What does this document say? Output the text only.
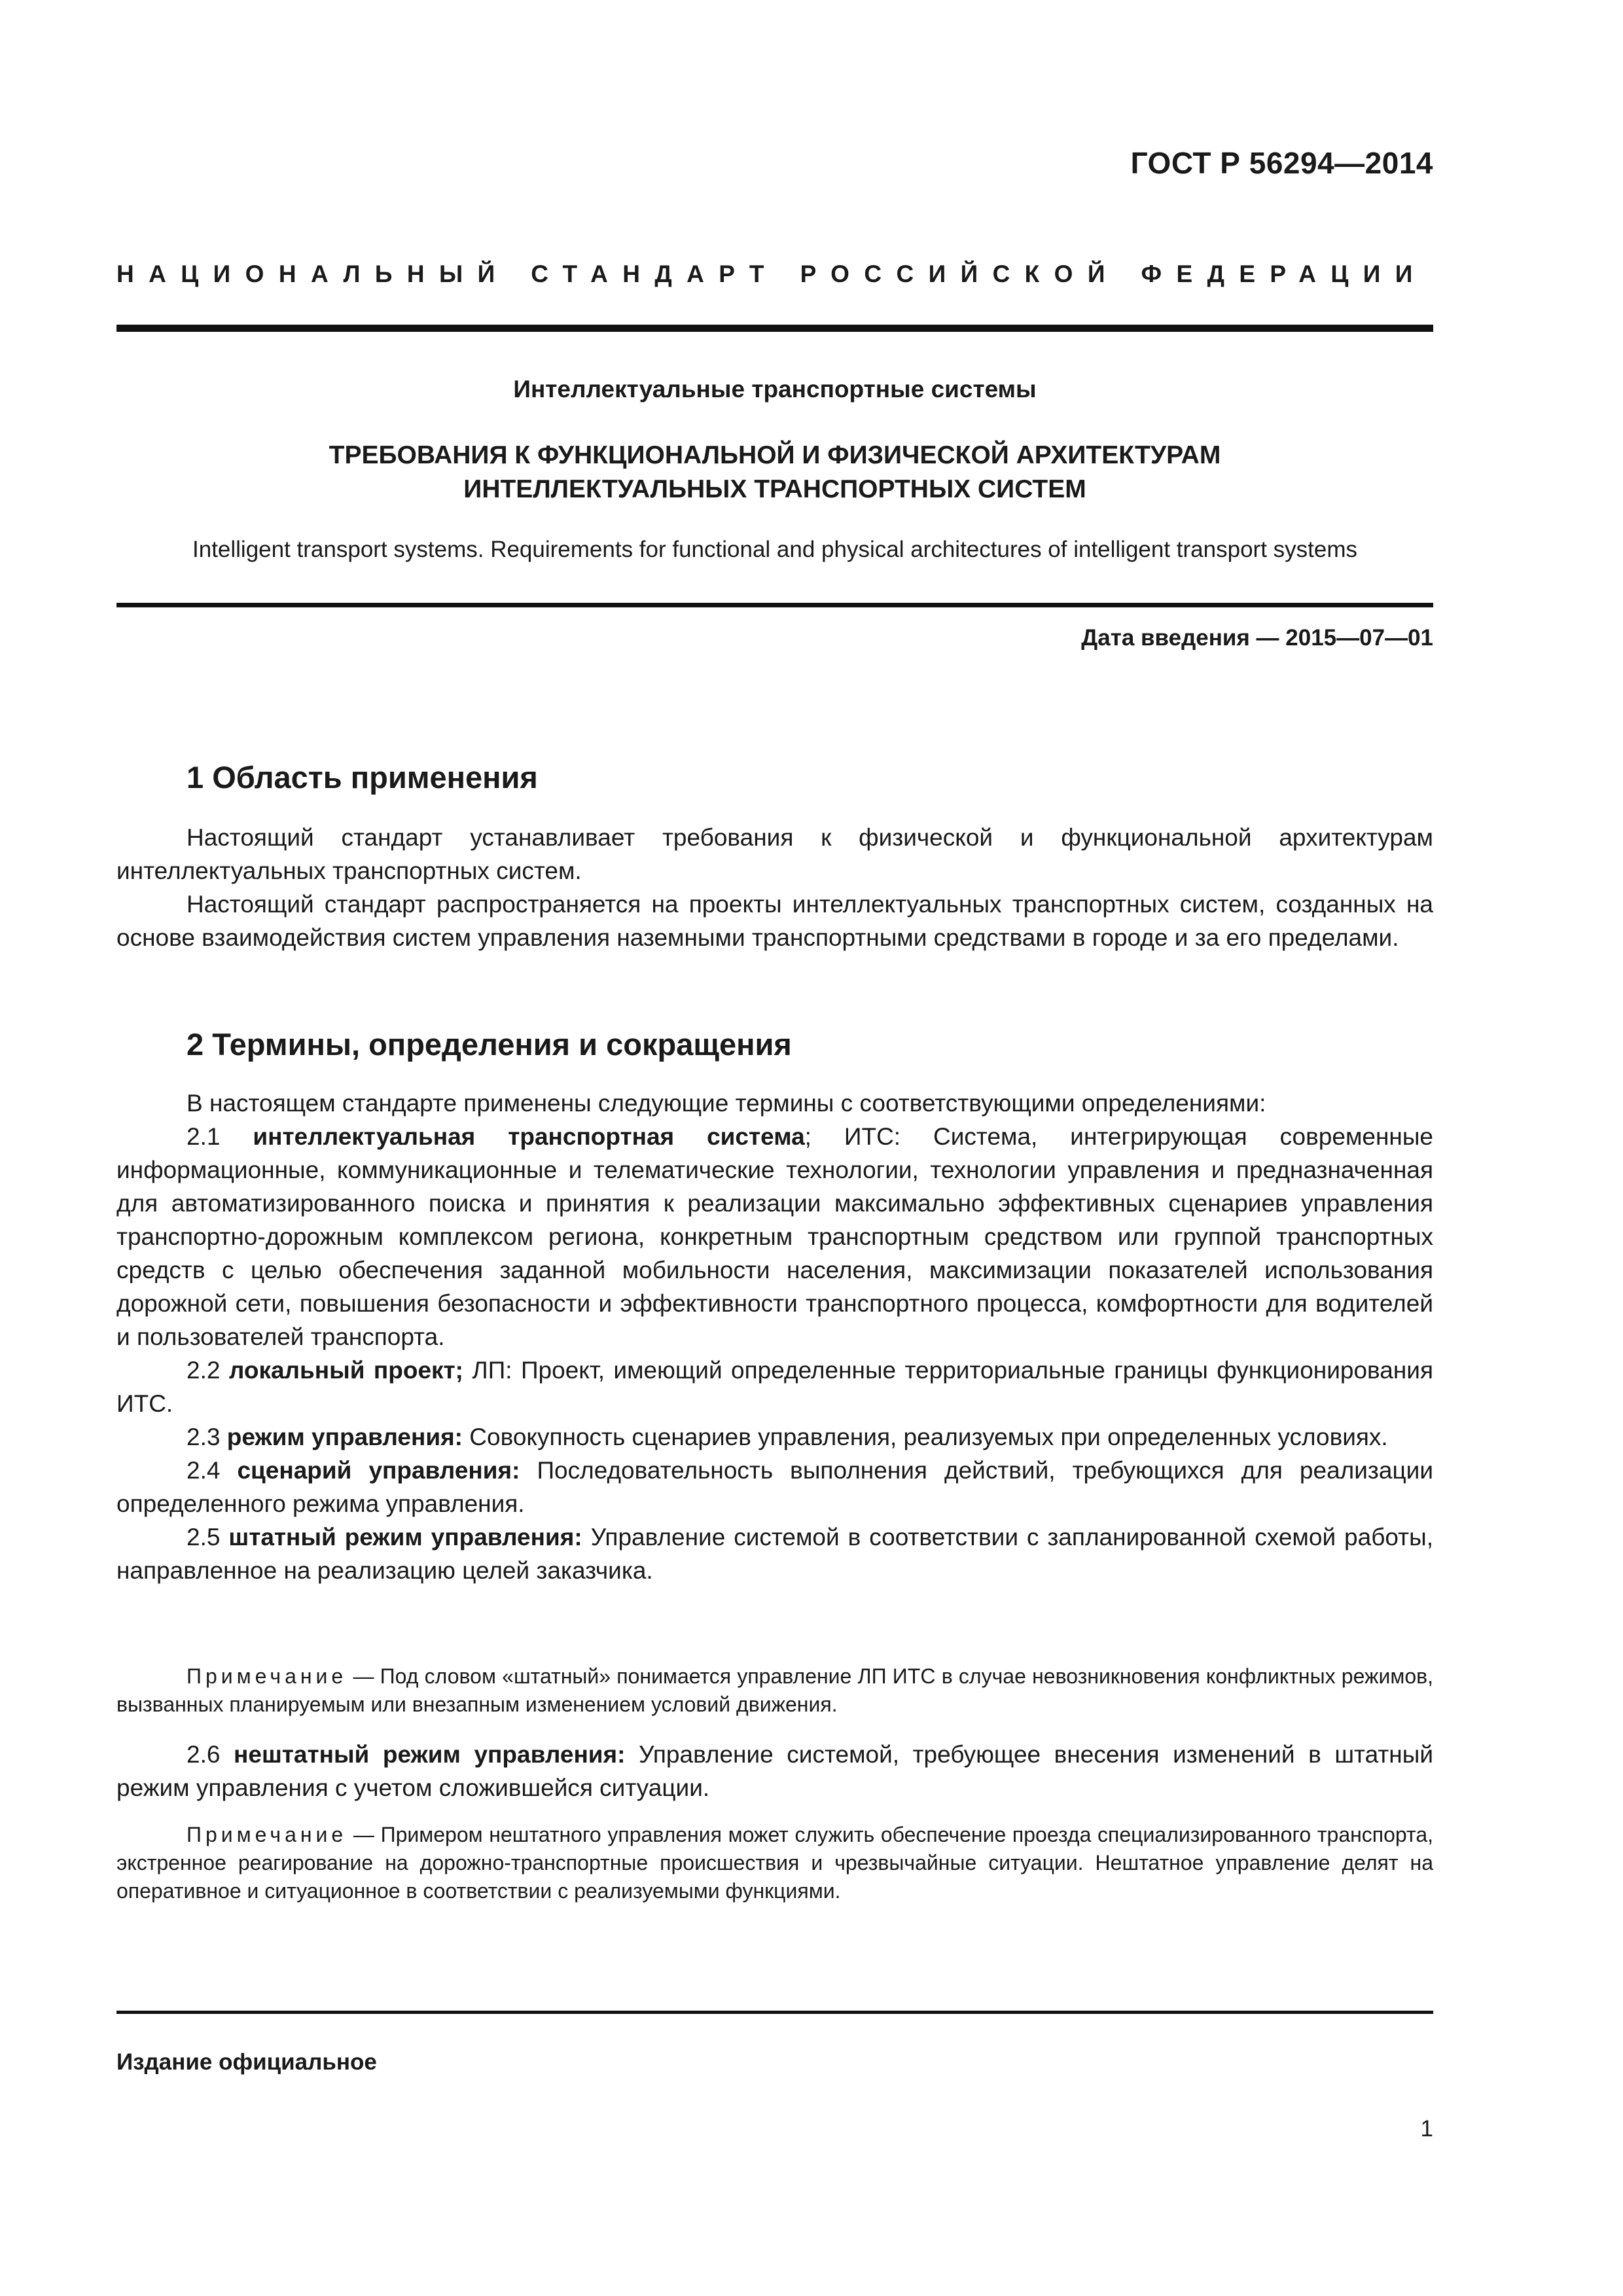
ГОСТ Р 56294—2014
НАЦИОНАЛЬНЫЙ СТАНДАРТ РОССИЙСКОЙ ФЕДЕРАЦИИ
Интеллектуальные транспортные системы
ТРЕБОВАНИЯ К ФУНКЦИОНАЛЬНОЙ И ФИЗИЧЕСКОЙ АРХИТЕКТУРАМ
ИНТЕЛЛЕКТУАЛЬНЫХ ТРАНСПОРТНЫХ СИСТЕМ
Intelligent transport systems. Requirements for functional and physical architectures of intelligent transport systems
Дата введения — 2015—07—01
1 Область применения

Настоящий стандарт устанавливает требования к физической и функциональной архитектурам интеллектуальных транспортных систем.

Настоящий стандарт распространяется на проекты интеллектуальных транспортных систем, созданных на основе взаимодействия систем управления наземными транспортными средствами в городе и за его пределами.

2 Термины, определения и сокращения

В настоящем стандарте применены следующие термины с соответствующими определениями:

2.1 интеллектуальная транспортная система; ИТС: Система, интегрирующая современные информационные, коммуникационные и телематические технологии, технологии управления и предназначенная для автоматизированного поиска и принятия к реализации максимально эффективных сценариев управления транспортно-дорожным комплексом региона, конкретным транспортным средством или группой транспортных средств с целью обеспечения заданной мобильности населения, максимизации показателей использования дорожной сети, повышения безопасности и эффективности транспортного процесса, комфортности для водителей и пользователей транспорта.

2.2 локальный проект; ЛП: Проект, имеющий определенные территориальные границы функционирования ИТС.

2.3 режим управления: Совокупность сценариев управления, реализуемых при определенных условиях.

2.4 сценарий управления: Последовательность выполнения действий, требующихся для реализации определенного режима управления.

2.5 штатный режим управления: Управление системой в соответствии с запланированной схемой работы, направленное на реализацию целей заказчика.

Примечание — Под словом «штатный» понимается управление ЛП ИТС в случае невозникновения конфликтных режимов, вызванных планируемым или внезапным изменением условий движения.

2.6 нештатный режим управления: Управление системой, требующее внесения изменений в штатный режим управления с учетом сложившейся ситуации.

Примечание — Примером нештатного управления может служить обеспечение проезда специализированного транспорта, экстренное реагирование на дорожно-транспортные происшествия и чрезвычайные ситуации. Нештатное управление делят на оперативное и ситуационное в соответствии с реализуемыми функциями.

Издание официальное
1
